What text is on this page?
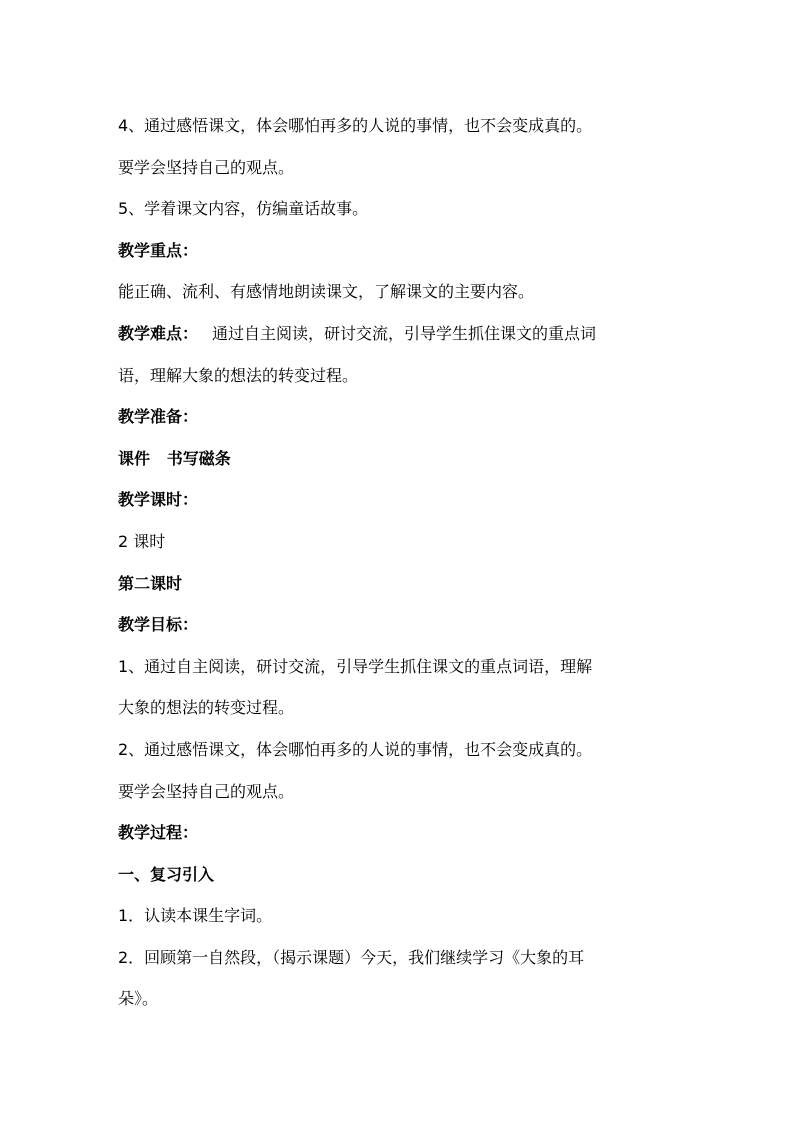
4、通过感悟课文，体会哪怕再多的人说的事情，也不会变成真的。
要学会坚持自己的观点。
5、学着课文内容，仿编童话故事。
教学重点：
能正确、流利、有感情地朗读课文，了解课文的主要内容。
教学难点： 通过自主阅读，研讨交流，引导学生抓住课文的重点词
语，理解大象的想法的转变过程。
教学准备：
课件   书写磁条
教学课时：
2 课时
第二课时
教学目标：
1、通过自主阅读，研讨交流，引导学生抓住课文的重点词语，理解
大象的想法的转变过程。
2、通过感悟课文，体会哪怕再多的人说的事情，也不会变成真的。
要学会坚持自己的观点。
教学过程：
一、复习引入
1．认读本课生字词。
2．回顾第一自然段，（揭示课题）今天，我们继续学习《大象的耳
朵》。
